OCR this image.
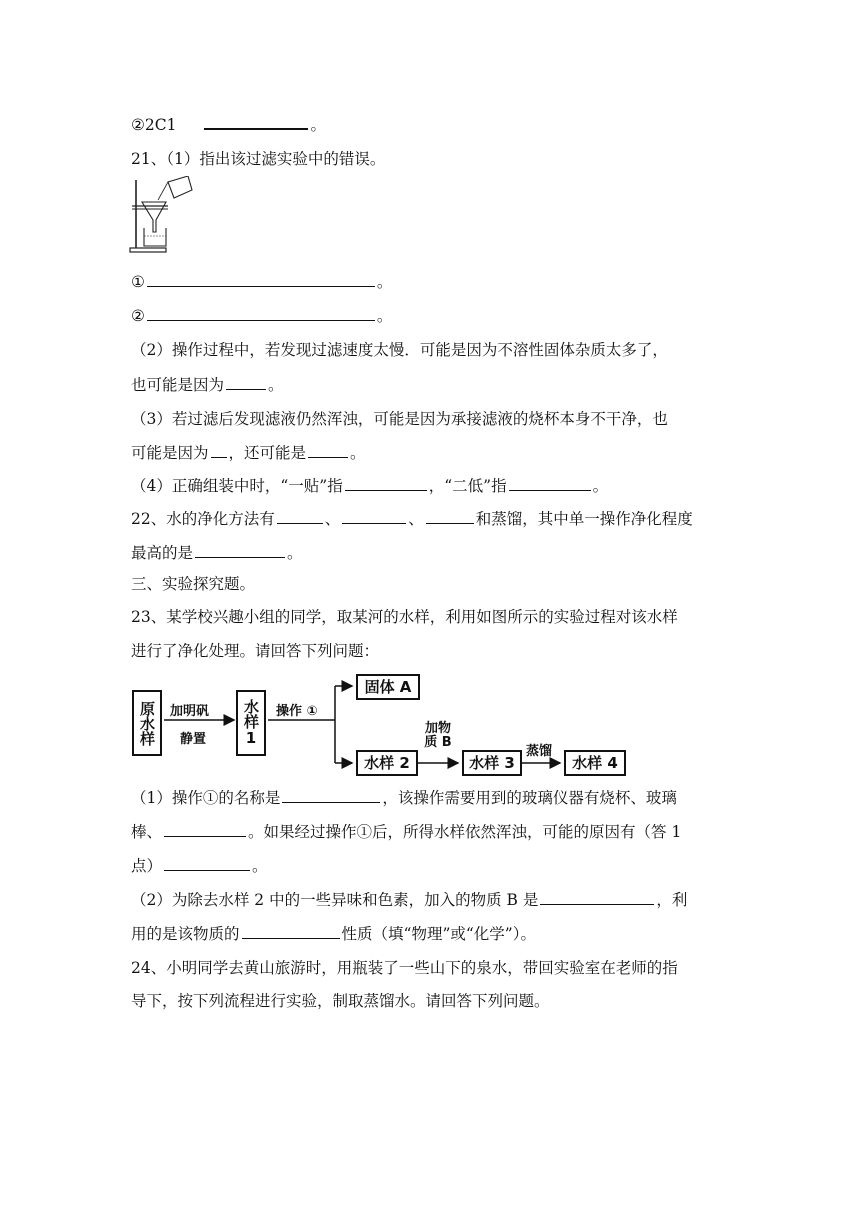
②2C1	。
21、（1）指出该过滤实验中的错误。
①	。
②	。
（2）操作过程中，若发现过滤速度太慢．可能是因为不溶性固体杂质太多了，
也可能是因为	。
（3）若过滤后发现滤液仍然浑浊，可能是因为承接滤液的烧杯本身不干净，也
可能是因为 ，还可能是	。
（4）正确组装中时，“一贴”指	，“二低”指	。
22、水的净化方法有	、	、	和蒸馏，其中单一操作净化程度
最高的是	。
三、实验探究题。
23、某学校兴趣小组的同学，取某河的水样，利用如图所示的实验过程对该水样
进行了净化处理。请回答下列问题：
原水样	加明矾
静置	水样1	操作 ①
固体 A
水样 2
加物
质 B
水样 3
蒸馏
水样 4
（1）操作①的名称是	，该操作需要用到的玻璃仪器有烧杯、玻璃
棒、	。如果经过操作①后，所得水样依然浑浊，可能的原因有（答 1
点）	。
（2）为除去水样 2 中的一些异味和色素，加入的物质 B 是	，利
用的是该物质的	性质（填“物理”或“化学”）。
24、小明同学去黄山旅游时，用瓶装了一些山下的泉水，带回实验室在老师的指
导下，按下列流程进行实验，制取蒸馏水。请回答下列问题。
